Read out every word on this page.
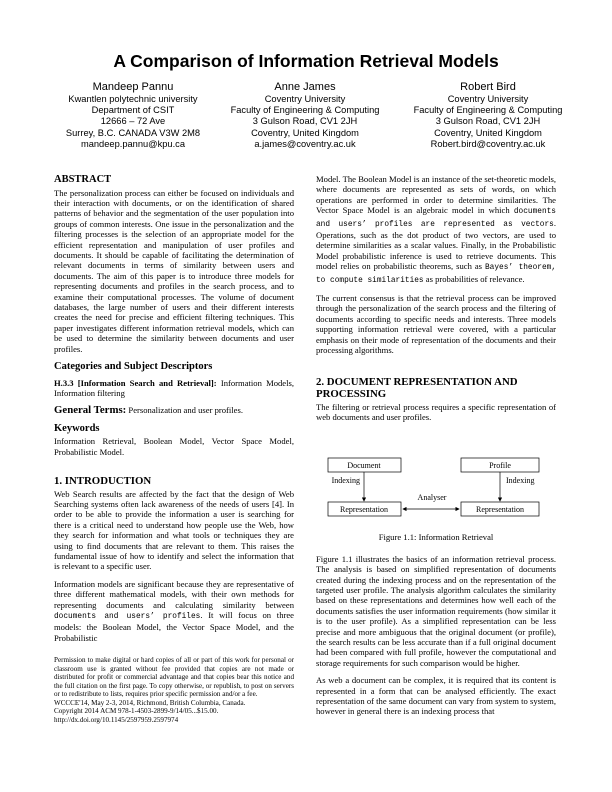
A Comparison of Information Retrieval Models
Mandeep Pannu
Kwantlen polytechnic university
Department of CSIT
12666 – 72 Ave
Surrey, B.C. CANADA V3W 2M8
mandeep.pannu@kpu.ca
Anne James
Coventry University
Faculty of Engineering & Computing
3 Gulson Road, CV1 2JH
Coventry, United Kingdom
a.james@coventry.ac.uk
Robert Bird
Coventry University
Faculty of Engineering & Computing
3 Gulson Road, CV1 2JH
Coventry, United Kingdom
Robert.bird@coventry.ac.uk
ABSTRACT

The personalization process can either be focused on individuals and their interaction with documents, or on the identification of shared patterns of behavior and the segmentation of the user population into groups of common interests. One issue in the personalization and the filtering processes is the selection of an appropriate model for the efficient representation and manipulation of user profiles and documents. It should be capable of facilitating the determination of relevant documents in terms of similarity between users and documents. The aim of this paper is to introduce three models for representing documents and profiles in the search process, and to examine their computational processes. The volume of document databases, the large number of users and their different interests creates the need for precise and efficient filtering techniques. This paper investigates different information retrieval models, which can be used to determine the similarity between documents and user profiles.

Categories and Subject Descriptors

H.3.3 [Information Search and Retrieval]: Information Models, Information filtering

General Terms: Personalization and user profiles.

Keywords

Information Retrieval, Boolean Model, Vector Space Model, Probabilistic Model.

1. INTRODUCTION

Web Search results are affected by the fact that the design of Web Searching systems often lack awareness of the needs of users [4]. In order to be able to provide the information a user is searching for there is a critical need to understand how people use the Web, how they search for information and what tools or techniques they are using to find documents that are relevant to them. This raises the fundamental issue of how to identify and select the information that is relevant to a specific user.

Information models are significant because they are representative of three different mathematical models, with their own methods for representing documents and calculating similarity between documents and users’ profiles. It will focus on three models: the Boolean Model, the Vector Space Model, and the Probabilistic

Permission to make digital or hard copies of all or part of this work for personal or classroom use is granted without fee provided that copies are not made or distributed for profit or commercial advantage and that copies bear this notice and the full citation on the first page. To copy otherwise, or republish, to post on servers or to redistribute to lists, requires prior specific permission and/or a fee.

WCCCE'14, May 2-3, 2014, Richmond, British Columbia, Canada.
Copyright 2014 ACM 978-1-4503-2899-9/14/05...$15.00.
http://dx.doi.org/10.1145/2597959.2597974

Model. The Boolean Model is an instance of the set-theoretic models, where documents are represented as sets of words, on which operations are performed in order to determine similarities. The Vector Space Model is an algebraic model in which documents and users’ profiles are represented as vectors. Operations, such as the dot product of two vectors, are used to determine similarities as a scalar values. Finally, in the Probabilistic Model probabilistic inference is used to retrieve documents. This model relies on probabilistic theorems, such as Bayes’ theorem, to compute similarities as probabilities of relevance.

The current consensus is that the retrieval process can be improved through the personalization of the search process and the filtering of documents according to specific needs and interests. Three models supporting information retrieval were covered, with a particular emphasis on their mode of representation of the documents and their processing algorithms.

2. DOCUMENT REPRESENTATION AND PROCESSING

The filtering or retrieval process requires a specific representation of web documents and user profiles.

Document	Profile
Representation	Representation
Indexing	Indexing
Analyser
Figure 1.1: Information Retrieval

Figure 1.1 illustrates the basics of an information retrieval process. The analysis is based on simplified representation of documents created during the indexing process and on the representation of the targeted user profile. The analysis algorithm calculates the similarity based on these representations and determines how well each of the documents satisfies the user information requirements (how similar it is to the user profile). As a simplified representation can be less precise and more ambiguous that the original document (or profile), the search results can be less accurate than if a full original document had been compared with full profile, however the computational and storage requirements for such comparison would be higher.

As web a document can be complex, it is required that its content is represented in a form that can be analysed efficiently. The exact representation of the same document can vary from system to system, however in general there is an indexing process that
